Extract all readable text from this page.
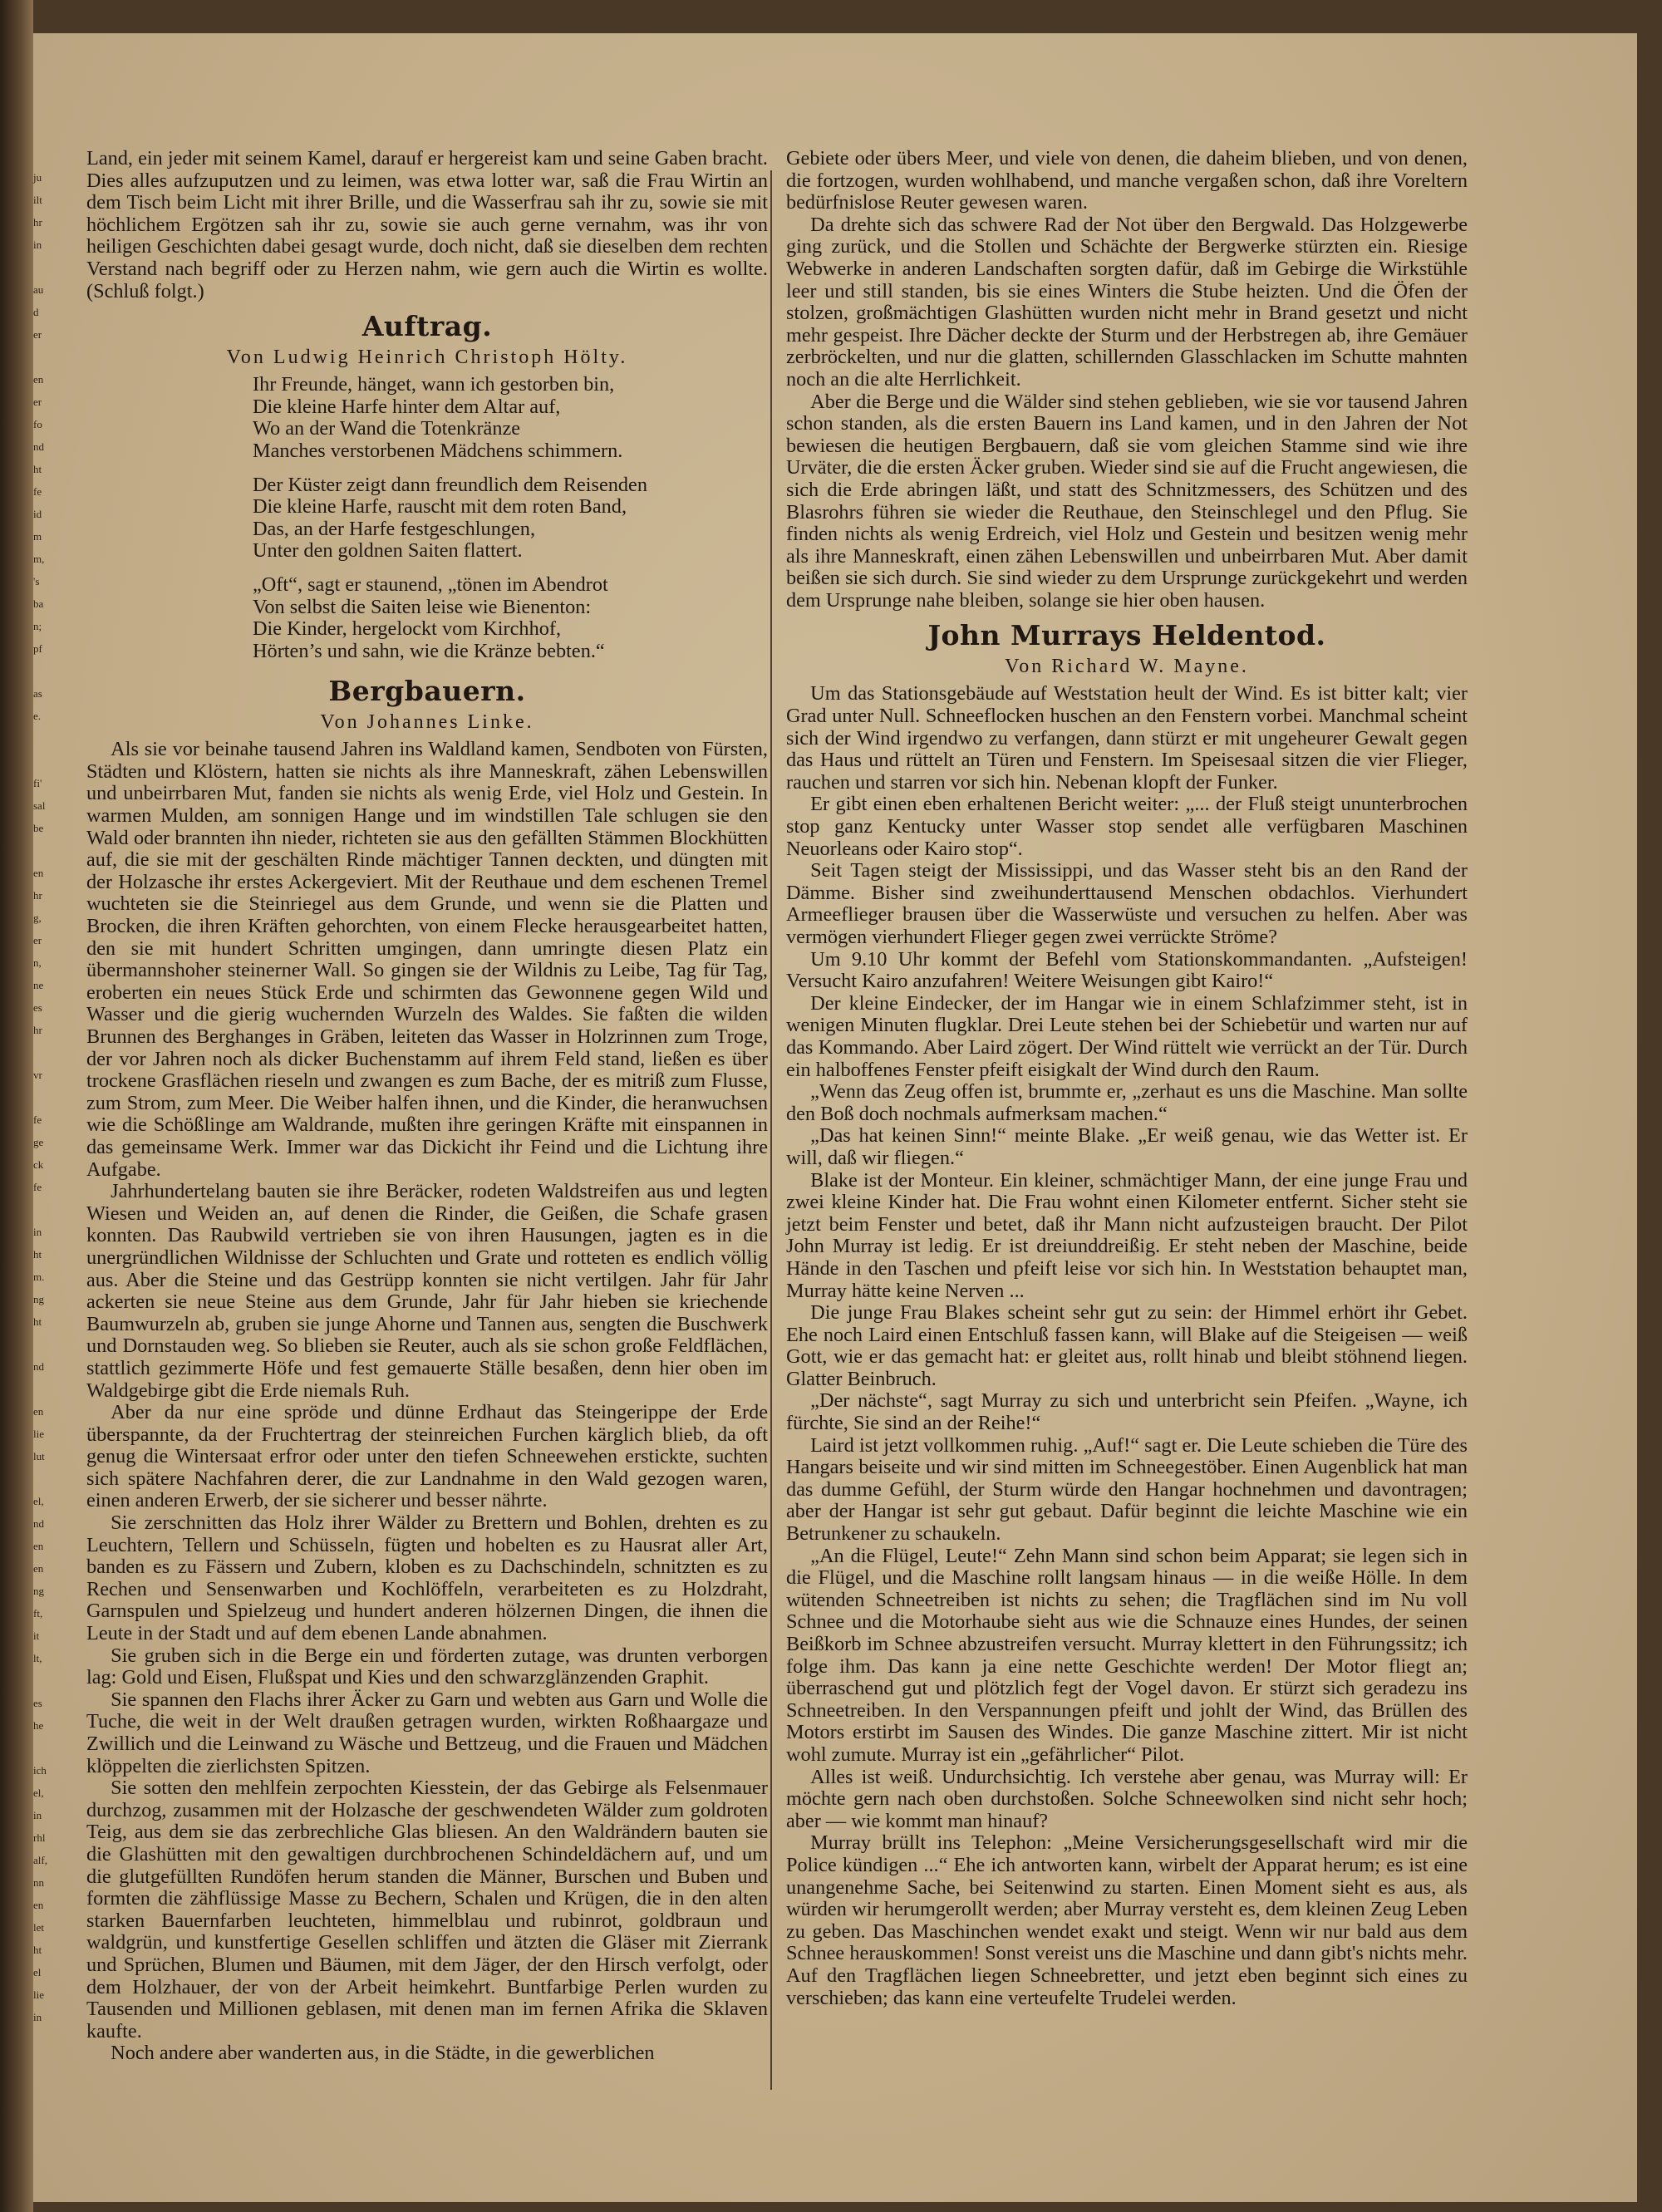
ju
ilt
hr
in

au
d
er

en
er
fo
nd
ht
fe
id
m
m,
's
ba
n;
pf

as
e.

fi'
sal
be

en
hr
g,
er
n,
ne
es
hr

vr

fe
ge
ck
fe

in
ht
m.
ng
ht

nd

en
lie
lut

el,
nd
en
en
ng
ft,
it
lt,

es
he

ich
el,
in
rhl
alf,
nn
en
let
ht
el
lie
in

Land, ein jeder mit seinem Kamel, darauf er hergereist kam und seine Gaben bracht. Dies alles aufzuputzen und zu leimen, was etwa lotter war, saß die Frau Wirtin an dem Tisch beim Licht mit ihrer Brille, und die Wasserfrau sah ihr zu, sowie sie mit höchlichem Ergötzen sah ihr zu, sowie sie auch gerne vernahm, was ihr von heiligen Geschichten dabei gesagt wurde, doch nicht, daß sie dieselben dem rechten Verstand nach begriff oder zu Herzen nahm, wie gern auch die Wirtin es wollte. (Schluß folgt.)

Auftrag.
Von Ludwig Heinrich Christoph Hölty.
Ihr Freunde, hänget, wann ich gestorben bin,
Die kleine Harfe hinter dem Altar auf,
Wo an der Wand die Totenkränze
Manches verstorbenen Mädchens schimmern.
Der Küster zeigt dann freundlich dem Reisenden
Die kleine Harfe, rauscht mit dem roten Band,
Das, an der Harfe festgeschlungen,
Unter den goldnen Saiten flattert.
„Oft“, sagt er staunend, „tönen im Abendrot
Von selbst die Saiten leise wie Bienenton:
Die Kinder, hergelockt vom Kirchhof,
Hörten’s und sahn, wie die Kränze bebten.“
Bergbauern.
Von Johannes Linke.

Als sie vor beinahe tausend Jahren ins Waldland kamen, Sendboten von Fürsten, Städten und Klöstern, hatten sie nichts als ihre Manneskraft, zähen Lebenswillen und unbeirrbaren Mut, fanden sie nichts als wenig Erde, viel Holz und Gestein. In warmen Mulden, am sonnigen Hange und im windstillen Tale schlugen sie den Wald oder brannten ihn nieder, richteten sie aus den gefällten Stämmen Blockhütten auf, die sie mit der geschälten Rinde mächtiger Tannen deckten, und düngten mit der Holzasche ihr erstes Ackergeviert. Mit der Reuthaue und dem eschenen Tremel wuchteten sie die Steinriegel aus dem Grunde, und wenn sie die Platten und Brocken, die ihren Kräften gehorchten, von einem Flecke herausgearbeitet hatten, den sie mit hundert Schritten umgingen, dann umringte diesen Platz ein übermannshoher steinerner Wall. So gingen sie der Wildnis zu Leibe, Tag für Tag, eroberten ein neues Stück Erde und schirmten das Gewonnene gegen Wild und Wasser und die gierig wuchernden Wurzeln des Waldes. Sie faßten die wilden Brunnen des Berghanges in Gräben, leiteten das Wasser in Holzrinnen zum Troge, der vor Jahren noch als dicker Buchenstamm auf ihrem Feld stand, ließen es über trockene Grasflächen rieseln und zwangen es zum Bache, der es mitriß zum Flusse, zum Strom, zum Meer. Die Weiber halfen ihnen, und die Kinder, die heranwuchsen wie die Schößlinge am Waldrande, mußten ihre geringen Kräfte mit einspannen in das gemeinsame Werk. Immer war das Dickicht ihr Feind und die Lichtung ihre Aufgabe.

Jahrhundertelang bauten sie ihre Beräcker, rodeten Waldstreifen aus und legten Wiesen und Weiden an, auf denen die Rinder, die Geißen, die Schafe grasen konnten. Das Raubwild vertrieben sie von ihren Hausungen, jagten es in die unergründlichen Wildnisse der Schluchten und Grate und rotteten es endlich völlig aus. Aber die Steine und das Gestrüpp konnten sie nicht vertilgen. Jahr für Jahr ackerten sie neue Steine aus dem Grunde, Jahr für Jahr hieben sie kriechende Baumwurzeln ab, gruben sie junge Ahorne und Tannen aus, sengten die Buschwerk und Dornstauden weg. So blieben sie Reuter, auch als sie schon große Feldflächen, stattlich gezimmerte Höfe und fest gemauerte Ställe besaßen, denn hier oben im Waldgebirge gibt die Erde niemals Ruh.

Aber da nur eine spröde und dünne Erdhaut das Steingerippe der Erde überspannte, da der Fruchtertrag der steinreichen Furchen kärglich blieb, da oft genug die Wintersaat erfror oder unter den tiefen Schneewehen erstickte, suchten sich spätere Nachfahren derer, die zur Landnahme in den Wald gezogen waren, einen anderen Erwerb, der sie sicherer und besser nährte.

Sie zerschnitten das Holz ihrer Wälder zu Brettern und Bohlen, drehten es zu Leuchtern, Tellern und Schüsseln, fügten und hobelten es zu Hausrat aller Art, banden es zu Fässern und Zubern, kloben es zu Dachschindeln, schnitzten es zu Rechen und Sensenwarben und Kochlöffeln, verarbeiteten es zu Holzdraht, Garnspulen und Spielzeug und hundert anderen hölzernen Dingen, die ihnen die Leute in der Stadt und auf dem ebenen Lande abnahmen.

Sie gruben sich in die Berge ein und förderten zutage, was drunten verborgen lag: Gold und Eisen, Flußspat und Kies und den schwarzglänzenden Graphit.

Sie spannen den Flachs ihrer Äcker zu Garn und webten aus Garn und Wolle die Tuche, die weit in der Welt draußen getragen wurden, wirkten Roßhaargaze und Zwillich und die Leinwand zu Wäsche und Bettzeug, und die Frauen und Mädchen klöppelten die zierlichsten Spitzen.

Sie sotten den mehlfein zerpochten Kiesstein, der das Gebirge als Felsenmauer durchzog, zusammen mit der Holzasche der geschwendeten Wälder zum goldroten Teig, aus dem sie das zerbrechliche Glas bliesen. An den Waldrändern bauten sie die Glashütten mit den gewaltigen durchbrochenen Schindeldächern auf, und um die glutgefüllten Rundöfen herum standen die Männer, Burschen und Buben und formten die zähflüssige Masse zu Bechern, Schalen und Krügen, die in den alten starken Bauernfarben leuchteten, himmelblau und rubinrot, goldbraun und waldgrün, und kunstfertige Gesellen schliffen und ätzten die Gläser mit Zierrank und Sprüchen, Blumen und Bäumen, mit dem Jäger, der den Hirsch verfolgt, oder dem Holzhauer, der von der Arbeit heimkehrt. Buntfarbige Perlen wurden zu Tausenden und Millionen geblasen, mit denen man im fernen Afrika die Sklaven kaufte.

Noch andere aber wanderten aus, in die Städte, in die gewerblichen

Gebiete oder übers Meer, und viele von denen, die daheim blieben, und von denen, die fortzogen, wurden wohlhabend, und manche vergaßen schon, daß ihre Voreltern bedürfnislose Reuter gewesen waren.

Da drehte sich das schwere Rad der Not über den Bergwald. Das Holzgewerbe ging zurück, und die Stollen und Schächte der Bergwerke stürzten ein. Riesige Webwerke in anderen Landschaften sorgten dafür, daß im Gebirge die Wirkstühle leer und still standen, bis sie eines Winters die Stube heizten. Und die Öfen der stolzen, großmächtigen Glashütten wurden nicht mehr in Brand gesetzt und nicht mehr gespeist. Ihre Dächer deckte der Sturm und der Herbstregen ab, ihre Gemäuer zerbröckelten, und nur die glatten, schillernden Glasschlacken im Schutte mahnten noch an die alte Herrlichkeit.

Aber die Berge und die Wälder sind stehen geblieben, wie sie vor tausend Jahren schon standen, als die ersten Bauern ins Land kamen, und in den Jahren der Not bewiesen die heutigen Bergbauern, daß sie vom gleichen Stamme sind wie ihre Urväter, die die ersten Äcker gruben. Wieder sind sie auf die Frucht angewiesen, die sich die Erde abringen läßt, und statt des Schnitzmessers, des Schützen und des Blasrohrs führen sie wieder die Reuthaue, den Steinschlegel und den Pflug. Sie finden nichts als wenig Erdreich, viel Holz und Gestein und besitzen wenig mehr als ihre Manneskraft, einen zähen Lebenswillen und unbeirrbaren Mut. Aber damit beißen sie sich durch. Sie sind wieder zu dem Ursprunge zurückgekehrt und werden dem Ursprunge nahe bleiben, solange sie hier oben hausen.

John Murrays Heldentod.
Von Richard W. Mayne.

Um das Stationsgebäude auf Weststation heult der Wind. Es ist bitter kalt; vier Grad unter Null. Schneeflocken huschen an den Fenstern vorbei. Manchmal scheint sich der Wind irgendwo zu verfangen, dann stürzt er mit ungeheurer Gewalt gegen das Haus und rüttelt an Türen und Fenstern. Im Speisesaal sitzen die vier Flieger, rauchen und starren vor sich hin. Nebenan klopft der Funker.

Er gibt einen eben erhaltenen Bericht weiter: „... der Fluß steigt ununterbrochen stop ganz Kentucky unter Wasser stop sendet alle verfügbaren Maschinen Neuorleans oder Kairo stop“.

Seit Tagen steigt der Mississippi, und das Wasser steht bis an den Rand der Dämme. Bisher sind zweihunderttausend Menschen obdachlos. Vierhundert Armeeflieger brausen über die Wasserwüste und versuchen zu helfen. Aber was vermögen vierhundert Flieger gegen zwei verrückte Ströme?

Um 9.10 Uhr kommt der Befehl vom Stationskommandanten. „Aufsteigen! Versucht Kairo anzufahren! Weitere Weisungen gibt Kairo!“

Der kleine Eindecker, der im Hangar wie in einem Schlafzimmer steht, ist in wenigen Minuten flugklar. Drei Leute stehen bei der Schiebetür und warten nur auf das Kommando. Aber Laird zögert. Der Wind rüttelt wie verrückt an der Tür. Durch ein halboffenes Fenster pfeift eisigkalt der Wind durch den Raum.

„Wenn das Zeug offen ist, brummte er, „zerhaut es uns die Maschine. Man sollte den Boß doch nochmals aufmerksam machen.“

„Das hat keinen Sinn!“ meinte Blake. „Er weiß genau, wie das Wetter ist. Er will, daß wir fliegen.“

Blake ist der Monteur. Ein kleiner, schmächtiger Mann, der eine junge Frau und zwei kleine Kinder hat. Die Frau wohnt einen Kilometer entfernt. Sicher steht sie jetzt beim Fenster und betet, daß ihr Mann nicht aufzusteigen braucht. Der Pilot John Murray ist ledig. Er ist dreiunddreißig. Er steht neben der Maschine, beide Hände in den Taschen und pfeift leise vor sich hin. In Weststation behauptet man, Murray hätte keine Nerven ...

Die junge Frau Blakes scheint sehr gut zu sein: der Himmel erhört ihr Gebet. Ehe noch Laird einen Entschluß fassen kann, will Blake auf die Steigeisen — weiß Gott, wie er das gemacht hat: er gleitet aus, rollt hinab und bleibt stöhnend liegen. Glatter Beinbruch.

„Der nächste“, sagt Murray zu sich und unterbricht sein Pfeifen. „Wayne, ich fürchte, Sie sind an der Reihe!“

Laird ist jetzt vollkommen ruhig. „Auf!“ sagt er. Die Leute schieben die Türe des Hangars beiseite und wir sind mitten im Schneegestöber. Einen Augenblick hat man das dumme Gefühl, der Sturm würde den Hangar hochnehmen und davontragen; aber der Hangar ist sehr gut gebaut. Dafür beginnt die leichte Maschine wie ein Betrunkener zu schaukeln.

„An die Flügel, Leute!“ Zehn Mann sind schon beim Apparat; sie legen sich in die Flügel, und die Maschine rollt langsam hinaus — in die weiße Hölle. In dem wütenden Schneetreiben ist nichts zu sehen; die Tragflächen sind im Nu voll Schnee und die Motorhaube sieht aus wie die Schnauze eines Hundes, der seinen Beißkorb im Schnee abzustreifen versucht. Murray klettert in den Führungssitz; ich folge ihm. Das kann ja eine nette Geschichte werden! Der Motor fliegt an; überraschend gut und plötzlich fegt der Vogel davon. Er stürzt sich geradezu ins Schneetreiben. In den Verspannungen pfeift und johlt der Wind, das Brüllen des Motors erstirbt im Sausen des Windes. Die ganze Maschine zittert. Mir ist nicht wohl zumute. Murray ist ein „gefährlicher“ Pilot.

Alles ist weiß. Undurchsichtig. Ich verstehe aber genau, was Murray will: Er möchte gern nach oben durchstoßen. Solche Schneewolken sind nicht sehr hoch; aber — wie kommt man hinauf?

Murray brüllt ins Telephon: „Meine Versicherungsgesellschaft wird mir die Police kündigen ...“ Ehe ich antworten kann, wirbelt der Apparat herum; es ist eine unangenehme Sache, bei Seitenwind zu starten. Einen Moment sieht es aus, als würden wir herumgerollt werden; aber Murray versteht es, dem kleinen Zeug Leben zu geben. Das Maschinchen wendet exakt und steigt. Wenn wir nur bald aus dem Schnee herauskommen! Sonst vereist uns die Maschine und dann gibt's nichts mehr. Auf den Tragflächen liegen Schneebretter, und jetzt eben beginnt sich eines zu verschieben; das kann eine verteufelte Trudelei werden.
